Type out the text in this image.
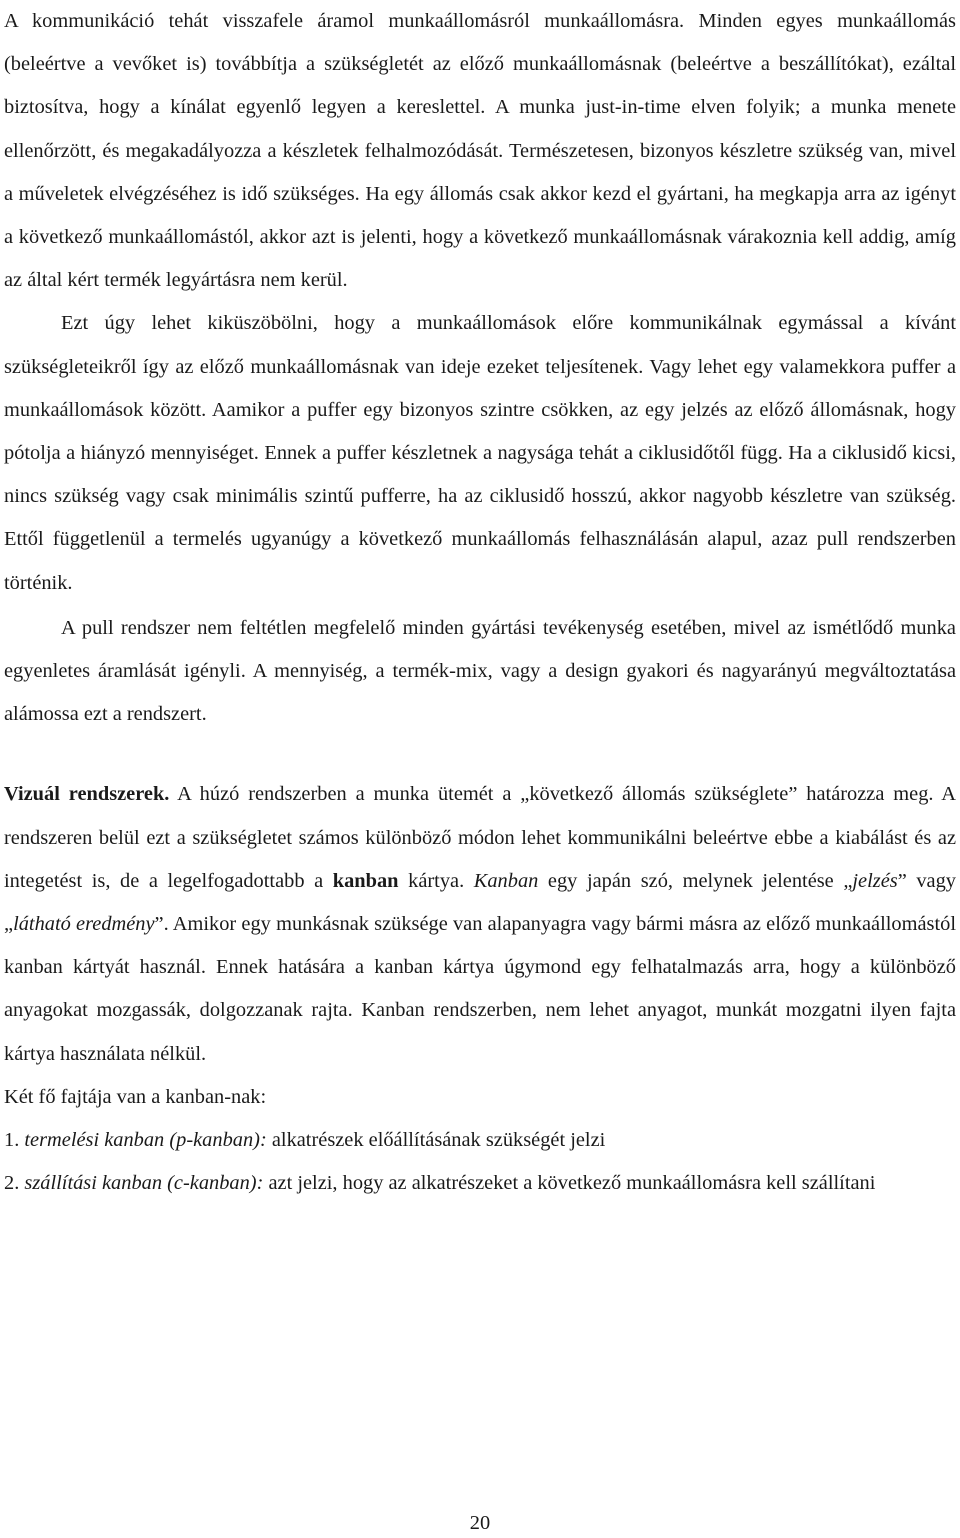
A kommunikáció tehát visszafele áramol munkaállomásról munkaállomásra. Minden egyes munkaállomás (beleértve a vevőket is) továbbítja a szükségletét az előző munkaállomásnak (beleértve a beszállítókat), ezáltal biztosítva, hogy a kínálat egyenlő legyen a kereslettel. A munka just-in-time elven folyik; a munka menete ellenőrzött, és megakadályozza a készletek felhalmozódását. Természetesen, bizonyos készletre szükség van, mivel a műveletek elvégzéséhez is idő szükséges. Ha egy állomás csak akkor kezd el gyártani, ha megkapja arra az igényt a következő munkaállomástól, akkor azt is jelenti, hogy a következő munkaállomásnak várakoznia kell addig, amíg az által kért termék legyártásra nem kerül.

Ezt úgy lehet kiküszöbölni, hogy a munkaállomások előre kommunikálnak egymással a kívánt szükségleteikről így az előző munkaállomásnak van ideje ezeket teljesítenek. Vagy lehet egy valamekkora puffer a munkaállomások között. Aamikor a puffer egy bizonyos szintre csökken, az egy jelzés az előző állomásnak, hogy pótolja a hiányzó mennyiséget. Ennek a puffer készletnek a nagysága tehát a ciklusidőtől függ. Ha a ciklusidő kicsi, nincs szükség vagy csak minimális szintű pufferre, ha az ciklusidő hosszú, akkor nagyobb készletre van szükség. Ettől függetlenül a termelés ugyanúgy a következő munkaállomás felhasználásán alapul, azaz pull rendszerben történik.

A pull rendszer nem feltétlen megfelelő minden gyártási tevékenység esetében, mivel az ismétlődő munka egyenletes áramlását igényli. A mennyiség, a termék-mix, vagy a design gyakori és nagyarányú megváltoztatása alámossa ezt a rendszert.

Vizuál rendszerek. A húzó rendszerben a munka ütemét a „következő állomás szükséglete” határozza meg. A rendszeren belül ezt a szükségletet számos különböző módon lehet kommunikálni beleértve ebbe a kiabálást és az integetést is, de a legelfogadottabb a kanban kártya. Kanban egy japán szó, melynek jelentése „jelzés” vagy „látható eredmény”. Amikor egy munkásnak szüksége van alapanyagra vagy bármi másra az előző munkaállomástól kanban kártyát használ. Ennek hatására a kanban kártya úgymond egy felhatalmazás arra, hogy a különböző anyagokat mozgassák, dolgozzanak rajta. Kanban rendszerben, nem lehet anyagot, munkát mozgatni ilyen fajta kártya használata nélkül.

Két fő fajtája van a kanban-nak:

1. termelési kanban (p-kanban): alkatrészek előállításának szükségét jelzi

2. szállítási kanban (c-kanban): azt jelzi, hogy az alkatrészeket a következő munkaállomásra kell szállítani

20
